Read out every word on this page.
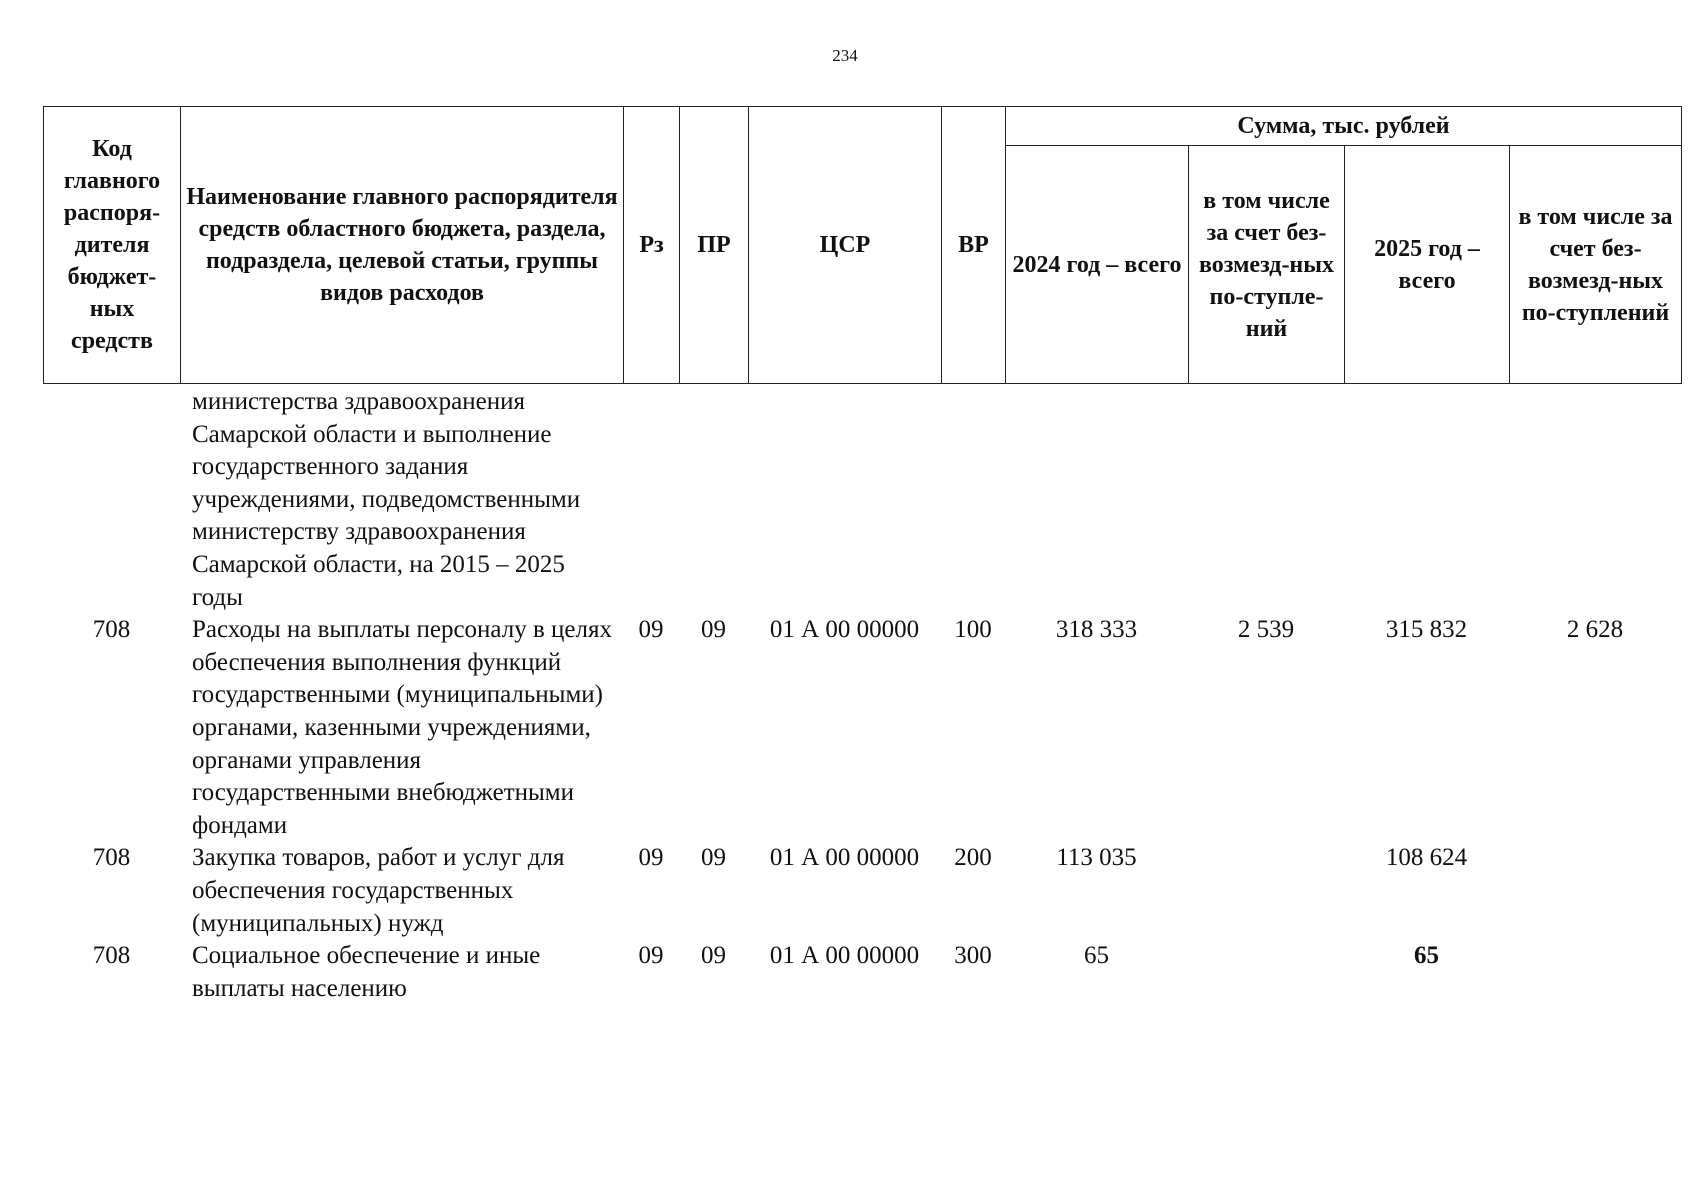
234
Код главного распоря-дителя бюджет-ных средств	Наименование главного распорядителя средств областного бюджета, раздела, подраздела, целевой статьи, группы видов расходов	Рз	ПР	ЦСР	ВР	Сумма, тыс. рублей			
						2024 год – всего	в том числе за счет без-возмезд-ных по-ступле-ний	2025 год – всего	в том числе за счет без-возмезд-ных по-ступлений
	министерства здравоохранения Самарской области и выполнение государственного задания учреждениями, подведомственными министерству здравоохранения Самарской области, на 2015 – 2025 годы								
708	Расходы на выплаты персоналу в целях обеспечения выполнения функций государственными (муниципальными) органами, казенными учреждениями, органами управления государственными внебюджетными фондами	09	09	01 А 00 00000	100	318 333	2 539	315 832	2 628
708	Закупка товаров, работ и услуг для обеспечения государственных (муниципальных) нужд	09	09	01 А 00 00000	200	113 035		108 624	
708	Социальное обеспечение и иные выплаты населению	09	09	01 А 00 00000	300	65		65	
